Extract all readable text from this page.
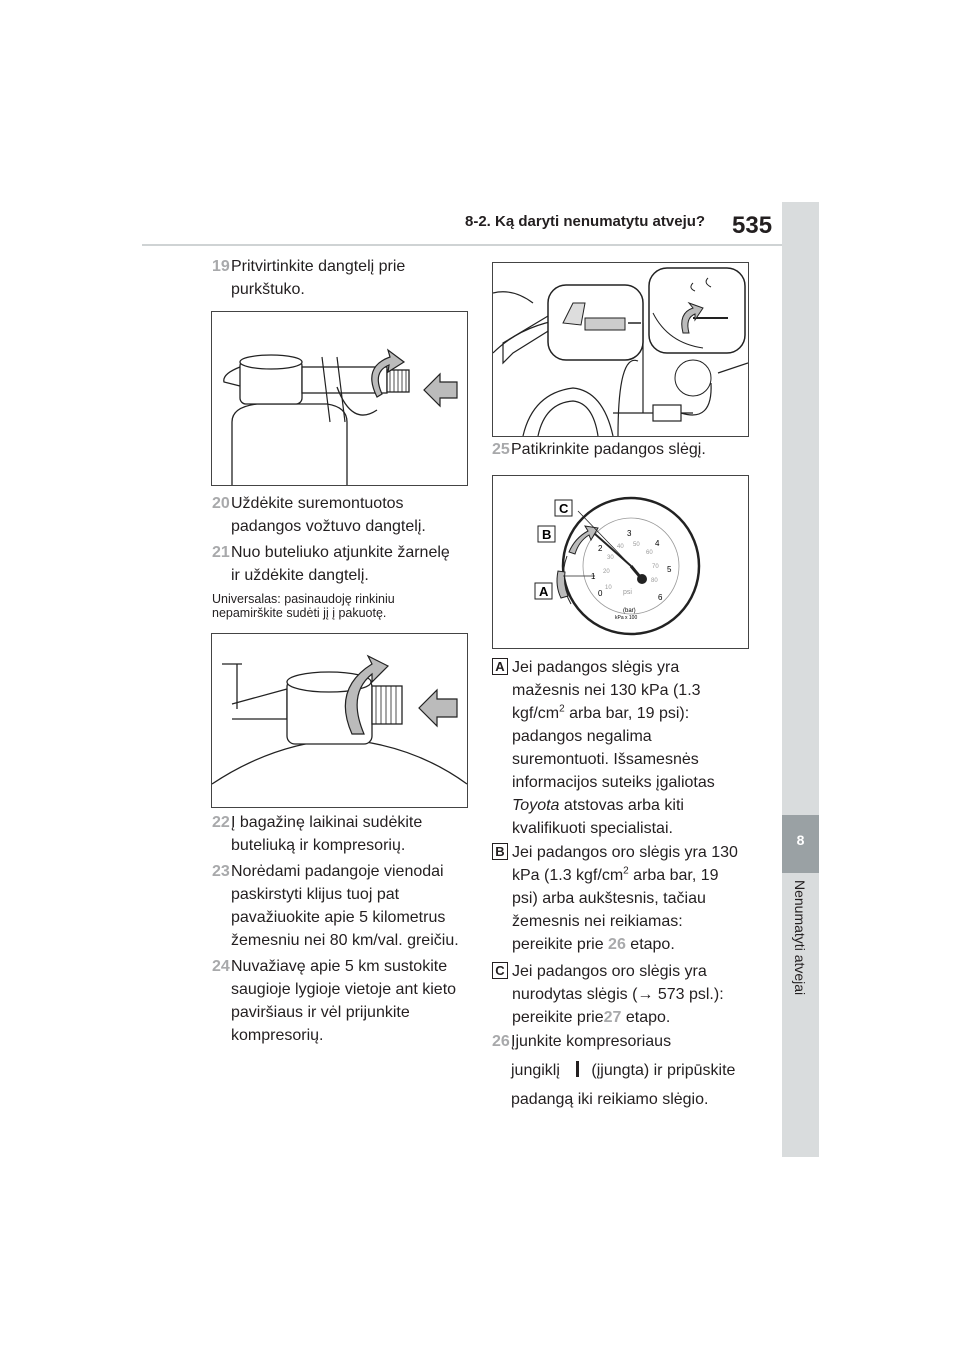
8
Nenumatyti atvejai
8-2. Ką daryti nenumatytu atveju? 535
19 Pritvirtinkite dangtelį prie purkštuko.
20 Uždėkite suremontuotos padangos vožtuvo dangtelį.
21 Nuo buteliuko atjunkite žarnelę ir uždėkite dangtelį.
Universalas: pasinaudoję rinkiniu nepamirškite sudėti jį į pakuotę.
22 Į bagažinę laikinai sudėkite buteliuką ir kompresorių.
23 Norėdami padangoje vienodai paskirstyti klijus tuoj pat pavažiuokite apie 5 kilometrus žemesniu nei 80 km/val. greičiu.
24 Nuvažiavę apie 5 km sustokite saugioje lygioje vietoje ant kieto paviršiaus ir vėl prijunkite kompresorių.
25 Patikrinkite padangos slėgį.
0
1
2
3
4
5
6
10
20
30
40 50
60
70
80
psi
(bar)
kPa x 100
C
B
A
A Jei padangos slėgis yra
mažesnis nei 130 kPa (1.3
kgf/$cm^2$ arba bar, 19 psi):
padangos negalima
suremontuoti. Išsamesnės
informacijos suteiks įgaliotas
Toyota atstovas arba kiti
kvalifikuoti specialistai.
B Jei padangos oro slėgis yra 130
kPa (1.3 kgf/$cm^2$ arba bar, 19
psi) arba aukštesnis, tačiau
žemesnis nei reikiamas:
pereikite prie 26 etapo.
C Jei padangos oro slėgis yra
nurodytas slėgis (→ 573 psl.):
pereikite prie27 etapo.
26 Įjunkite kompresoriaus
jungiklį (įjungta) ir pripūskite
padangą iki reikiamo slėgio.
